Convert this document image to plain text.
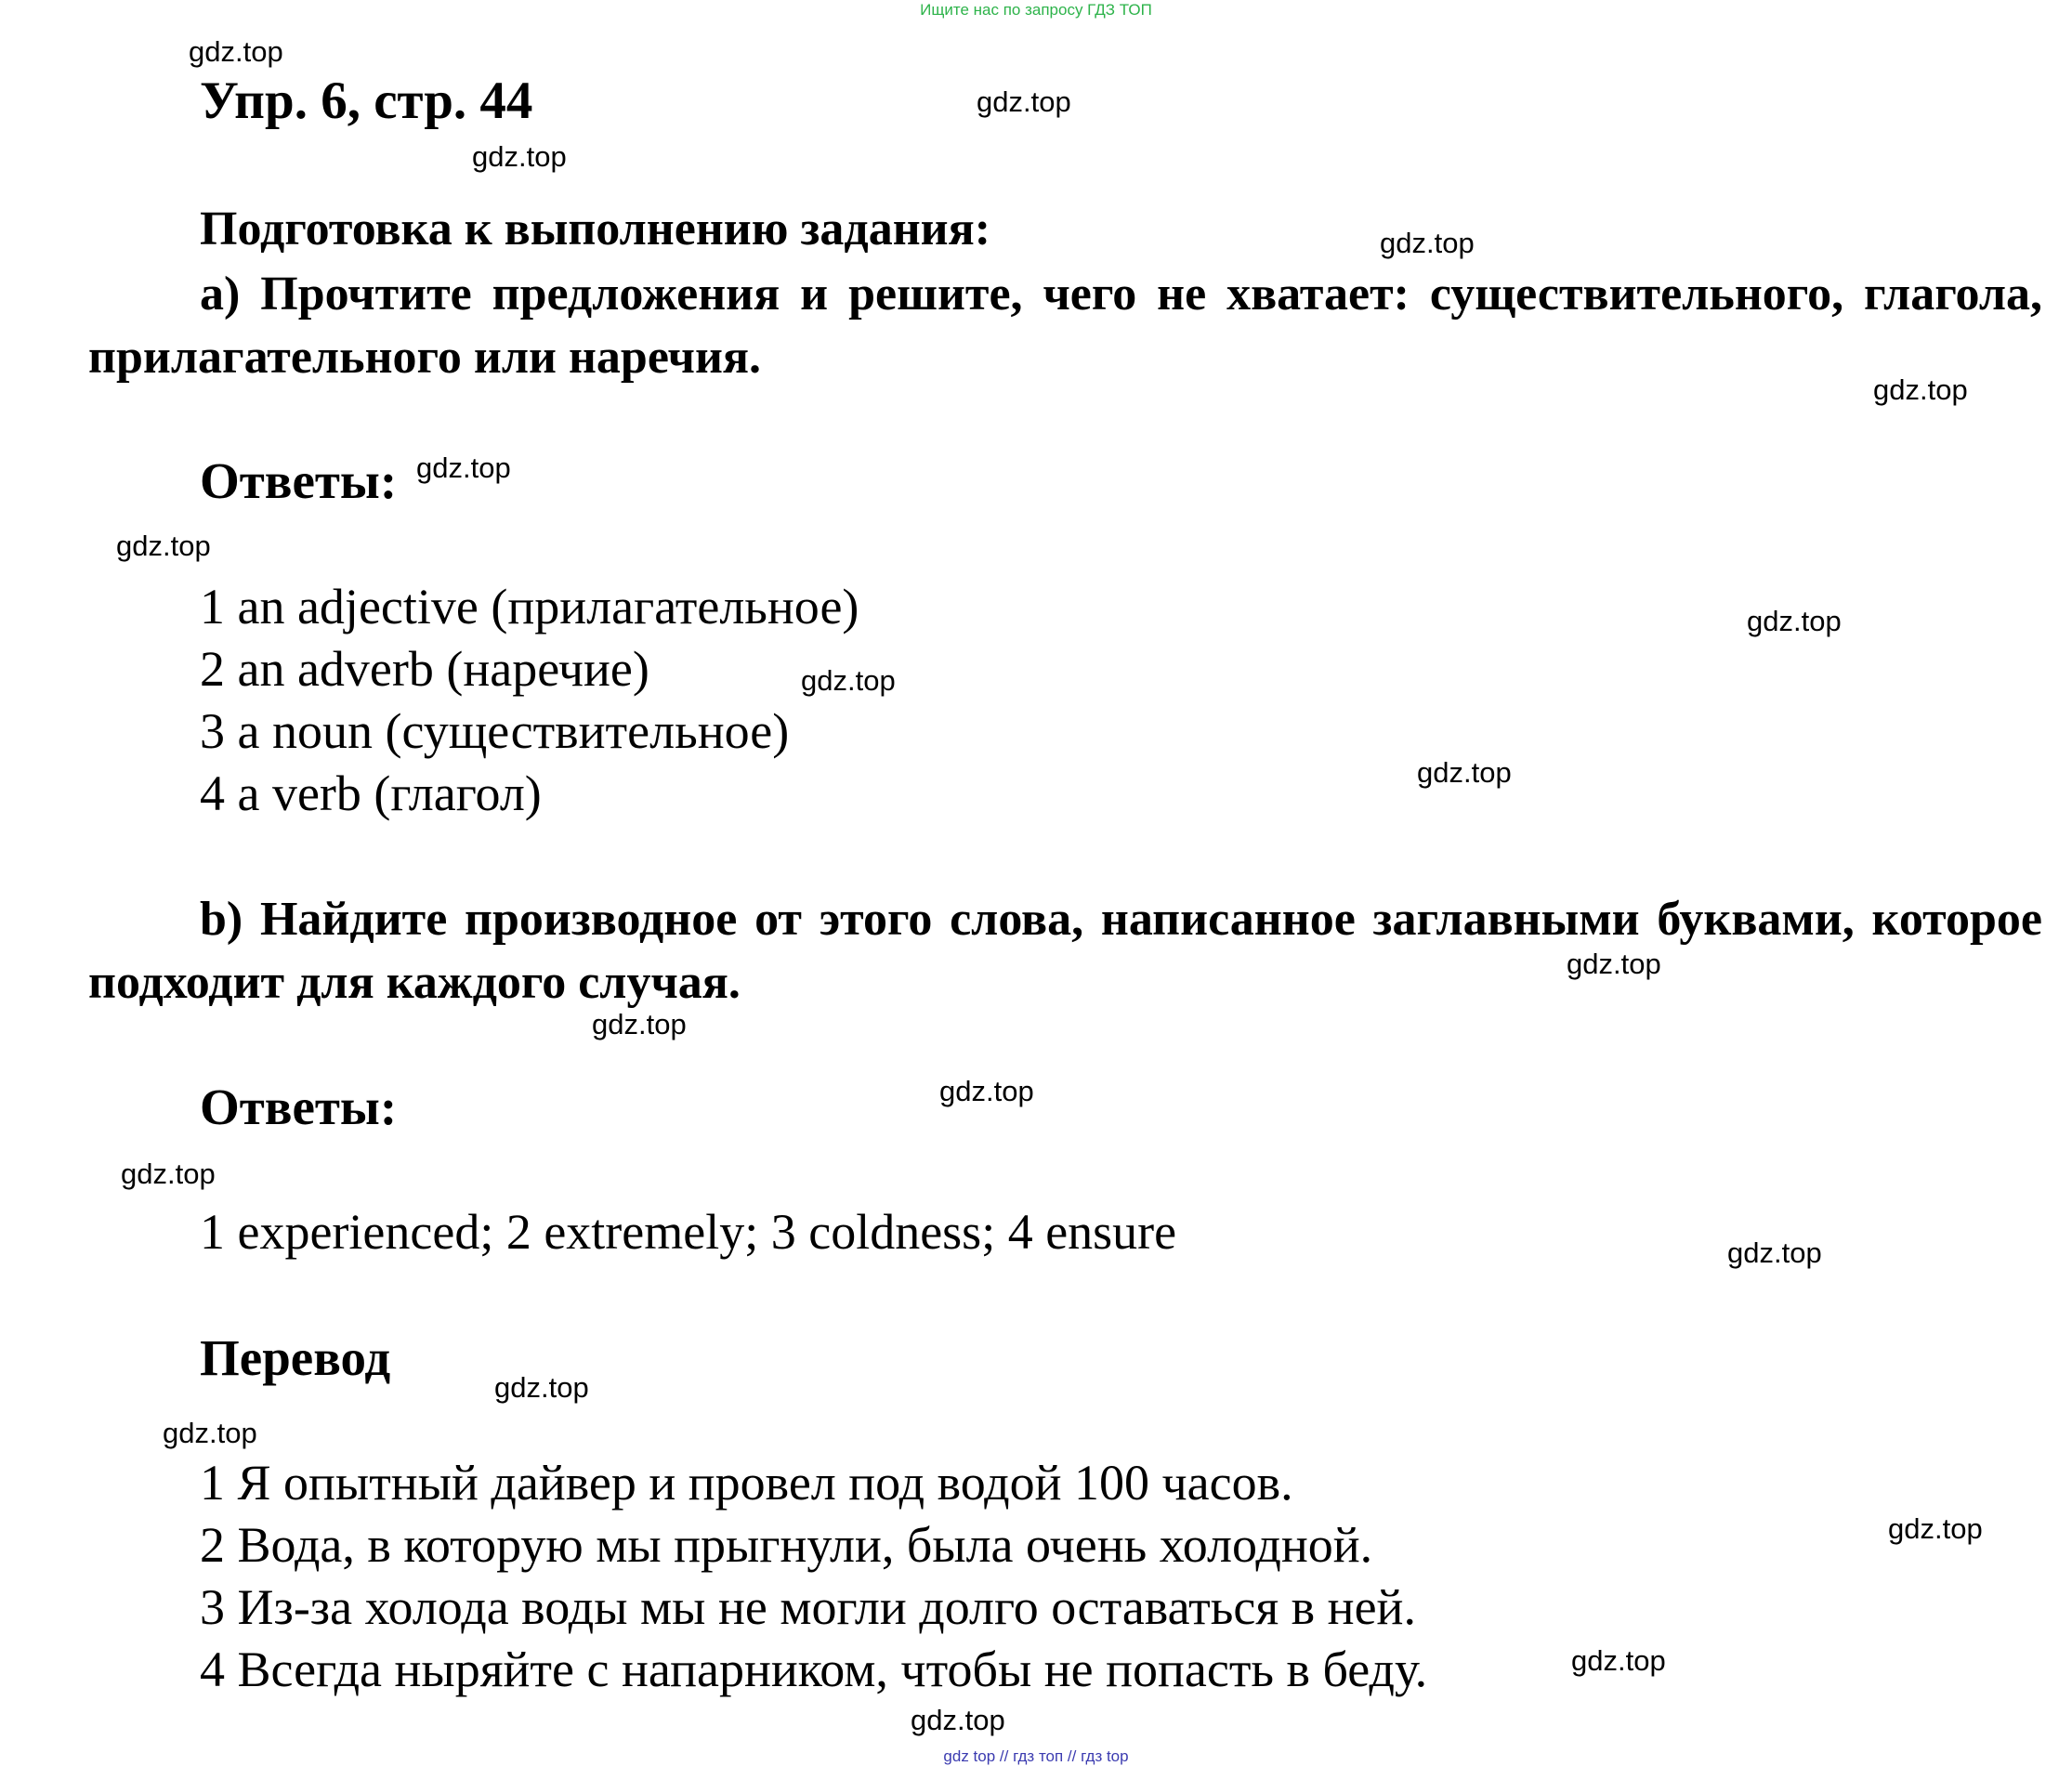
Ищите нас по запросу ГДЗ ТОП
Упр. 6, стр. 44
Подготовка к выполнению задания:
a) Прочтите предложения и решите, чего не хватает: существительного, глагола, прилагательного или наречия.
Ответы:
1 an adjective (прилагательное)
2 an adverb (наречие)
3 a noun (существительное)
4 a verb (глагол)
b) Найдите производное от этого слова, написанное заглавными буквами, которое подходит для каждого случая.
Ответы:
1 experienced; 2 extremely; 3 coldness; 4 ensure
Перевод
1 Я опытный дайвер и провел под водой 100 часов.
2 Вода, в которую мы прыгнули, была очень холодной.
3 Из-за холода воды мы не могли долго оставаться в ней.
4 Всегда ныряйте с напарником, чтобы не попасть в беду.
gdz.top
gdz.top
gdz.top
gdz.top
gdz.top
gdz.top
gdz.top
gdz.top
gdz.top
gdz.top
gdz.top
gdz.top
gdz.top
gdz.top
gdz.top
gdz.top
gdz.top
gdz.top
gdz.top
gdz.top
gdz top // гдз топ // гдз top
